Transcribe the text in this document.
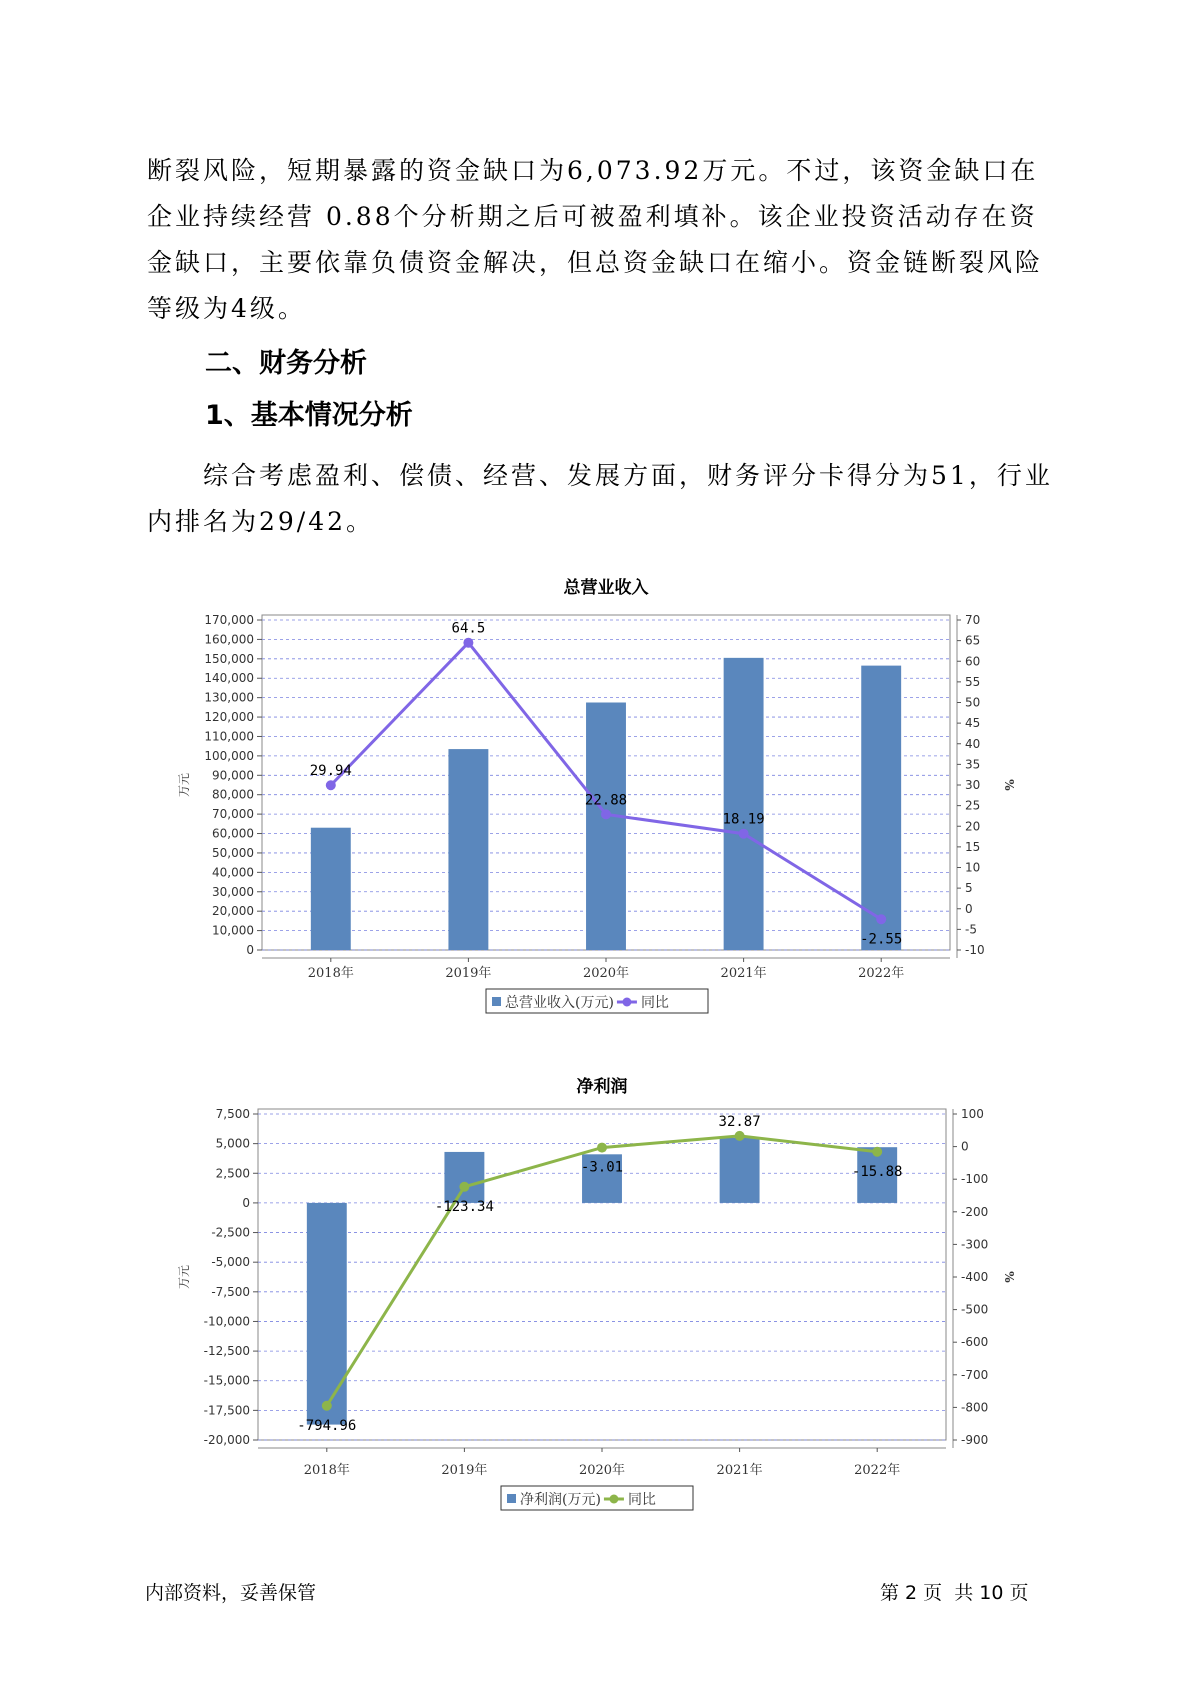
断裂风险，短期暴露的资金缺口为6,073.92万元。不过，该资金缺口在企业持续经营 0.88个分析期之后可被盈利填补。该企业投资活动存在资金缺口，主要依靠负债资金解决，但总资金缺口在缩小。资金链断裂风险等级为4级。

二、财务分析
1、基本情况分析

综合考虑盈利、偿债、经营、发展方面，财务评分卡得分为51，行业内排名为29/42。

总营业收入
0
10,000
20,000
30,000
40,000
50,000
60,000
70,000
80,000
90,000
100,000
110,000
120,000
130,000
140,000
150,000
160,000
170,000
-10
-5
0
5
10
15
20
25
30
35
40
45
50
55
60
65
70
万元	%
2018年	2019年	2020年	2021年	2022年
29.94
64.5
22.88
18.19
-2.55
总营业收入(万元) 同比
净利润
-20,000
-17,500
-15,000
-12,500
-10,000
-7,500
-5,000
-2,500
0
2,500
5,000
7,500
-900
-800
-700
-600
-500
-400
-300
-200
-100
0
100
万元	%
2018年	2019年	2020年	2021年	2022年
-794.96
-123.34
-3.01
32.87
-15.88
净利润(万元) 同比
内部资料，妥善保管	第 2 页  共 10 页
